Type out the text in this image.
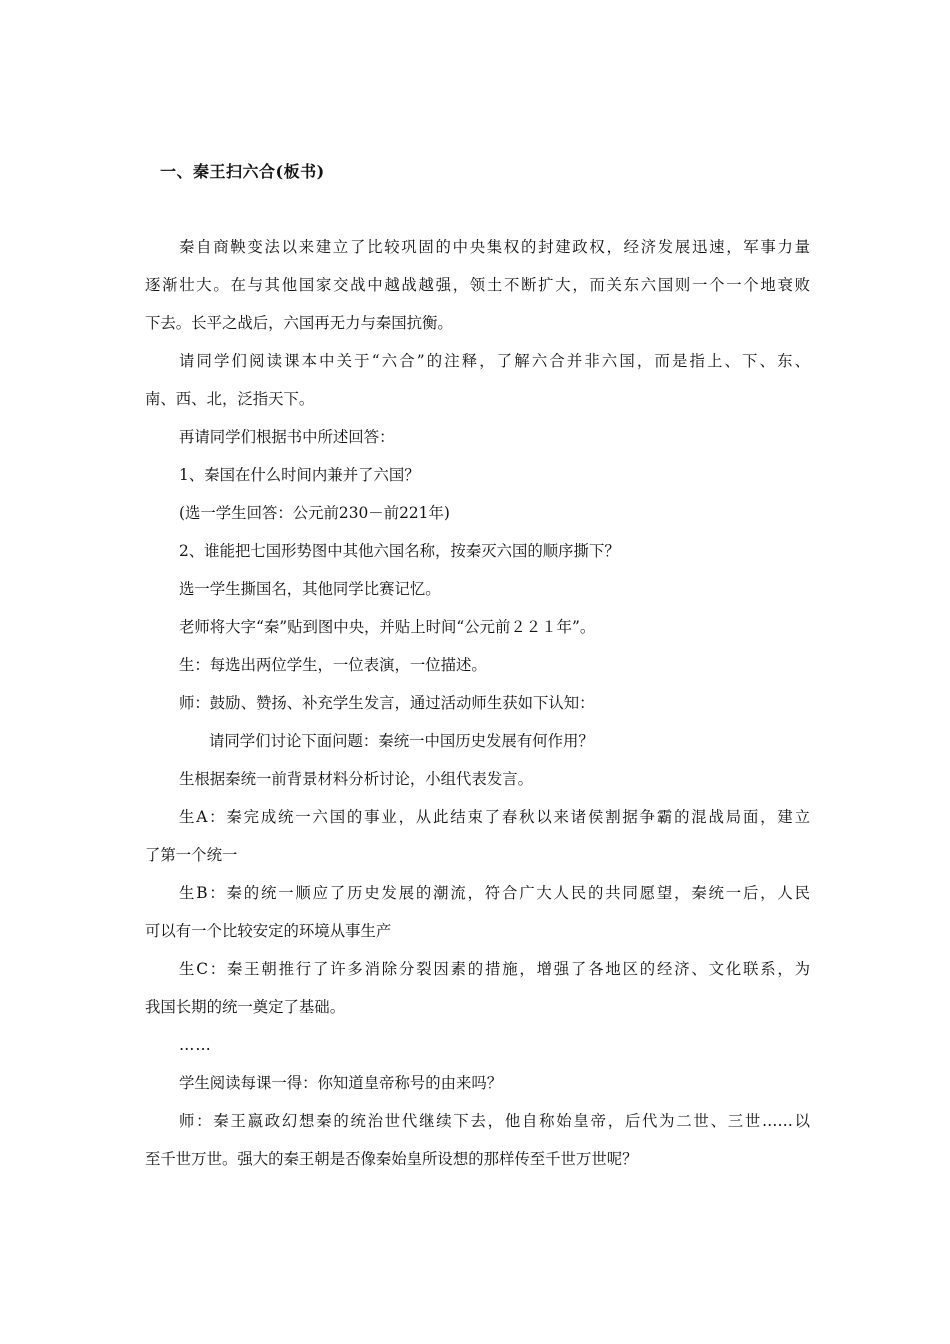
一、秦王扫六合(板书)
秦自商鞅变法以来建立了比较巩固的中央集权的封建政权，经济发展迅速，军事力量
逐渐壮大。在与其他国家交战中越战越强，领土不断扩大，而关东六国则一个一个地衰败
下去。长平之战后，六国再无力与秦国抗衡。
请同学们阅读课本中关于“六合”的注释，了解六合并非六国，而是指上、下、东、
南、西、北，泛指天下。
再请同学们根据书中所述回答：
1、秦国在什么时间内兼并了六国？
(选一学生回答：公元前230－前221年)
2、谁能把七国形势图中其他六国名称，按秦灭六国的顺序撕下？
选一学生撕国名，其他同学比赛记忆。
老师将大字“秦”贴到图中央，并贴上时间“公元前２２１年”。
生：每选出两位学生，一位表演，一位描述。
师：鼓励、赞扬、补充学生发言，通过活动师生获如下认知：
请同学们讨论下面问题：秦统一中国历史发展有何作用？
生根据秦统一前背景材料分析讨论，小组代表发言。
生A：秦完成统一六国的事业，从此结束了春秋以来诸侯割据争霸的混战局面，建立
了第一个统一
生B：秦的统一顺应了历史发展的潮流，符合广大人民的共同愿望，秦统一后，人民
可以有一个比较安定的环境从事生产
生C：秦王朝推行了许多消除分裂因素的措施，增强了各地区的经济、文化联系，为
我国长期的统一奠定了基础。
……
学生阅读每课一得：你知道皇帝称号的由来吗？
师：秦王嬴政幻想秦的统治世代继续下去，他自称始皇帝，后代为二世、三世……以
至千世万世。强大的秦王朝是否像秦始皇所设想的那样传至千世万世呢？
